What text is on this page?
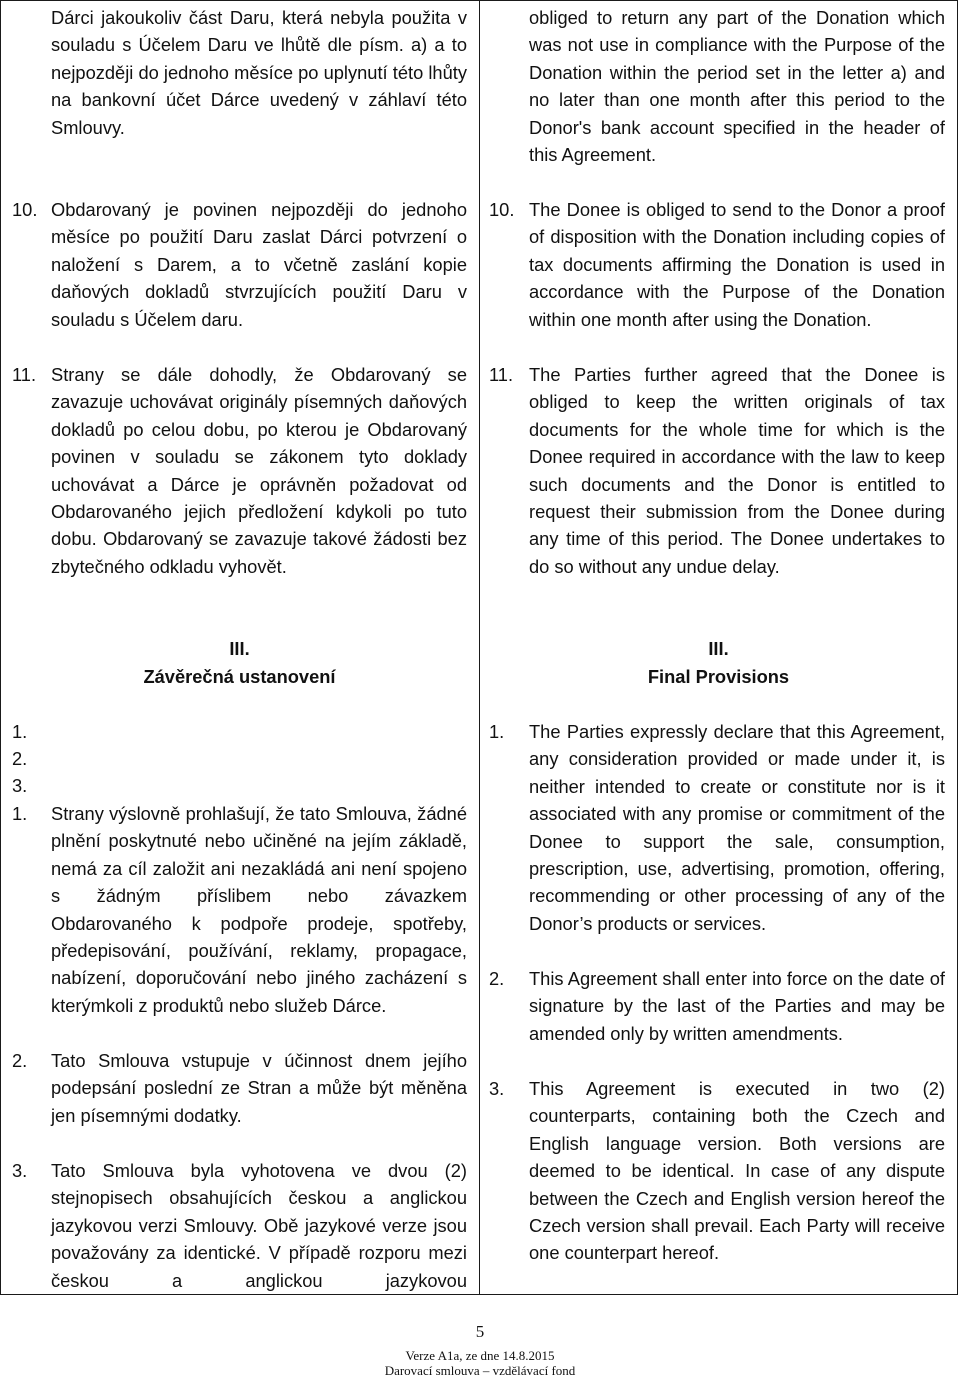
Dárci jakoukoliv část Daru, která nebyla použita v souladu s Účelem Daru ve lhůtě dle písm. a) a to nejpozději do jednoho měsíce po uplynutí této lhůty na bankovní účet Dárce uvedený v záhlaví této Smlouvy.
10. Obdarovaný je povinen nejpozději do jednoho měsíce po použití Daru zaslat Dárci potvrzení o naložení s Darem, a to včetně zaslání kopie daňových dokladů stvrzujících použití Daru v souladu s Účelem daru.
11. Strany se dále dohodly, že Obdarovaný se zavazuje uchovávat originály písemných daňových dokladů po celou dobu, po kterou je Obdarovaný povinen v souladu se zákonem tyto doklady uchovávat a Dárce je oprávněn požadovat od Obdarovaného jejich předložení kdykoli po tuto dobu. Obdarovaný se zavazuje takové žádosti bez zbytečného odkladu vyhovět.
III.
Závěrečná ustanovení
1.
2.
3.
1. Strany výslovně prohlašují, že tato Smlouva, žádné plnění poskytnuté nebo učiněné na jejím základě, nemá za cíl založit ani nezakládá ani není spojeno s žádným příslibem nebo závazkem Obdarovaného k podpoře prodeje, spotřeby, předepisování, používání, reklamy, propagace, nabízení, doporučování nebo jiného zacházení s kterýmkoli z produktů nebo služeb Dárce.
2. Tato Smlouva vstupuje v účinnost dnem jejího podepsání poslední ze Stran a může být měněna jen písemnými dodatky.
3. Tato Smlouva byla vyhotovena ve dvou (2) stejnopisech obsahujících českou a anglickou jazykovou verzi Smlouvy. Obě jazykové verze jsou považovány za identické. V případě rozporu mezi českou a anglickou jazykovou
obliged to return any part of the Donation which was not use in compliance with the Purpose of the Donation within the period set in the letter a) and no later than one month after this period to the Donor's bank account specified in the header of this Agreement.
10. The Donee is obliged to send to the Donor a proof of disposition with the Donation including copies of tax documents affirming the Donation is used in accordance with the Purpose of the Donation within one month after using the Donation.
11. The Parties further agreed that the Donee is obliged to keep the written originals of tax documents for the whole time for which is the Donee required in accordance with the law to keep such documents and the Donor is entitled to request their submission from the Donee during any time of this period. The Donee undertakes to do so without any undue delay.
III.
Final Provisions
1. The Parties expressly declare that this Agreement, any consideration provided or made under it, is neither intended to create or constitute nor is it associated with any promise or commitment of the Donee to support the sale, consumption, prescription, use, advertising, promotion, offering, recommending or other processing of any of the Donor’s products or services.
2. This Agreement shall enter into force on the date of signature by the last of the Parties and may be amended only by written amendments.
3. This Agreement is executed in two (2) counterparts, containing both the Czech and English language version. Both versions are deemed to be identical. In case of any dispute between the Czech and English version hereof the Czech version shall prevail. Each Party will receive one counterpart hereof.
5
Verze A1a, ze dne 14.8.2015
Darovací smlouva – vzdělávací fond
